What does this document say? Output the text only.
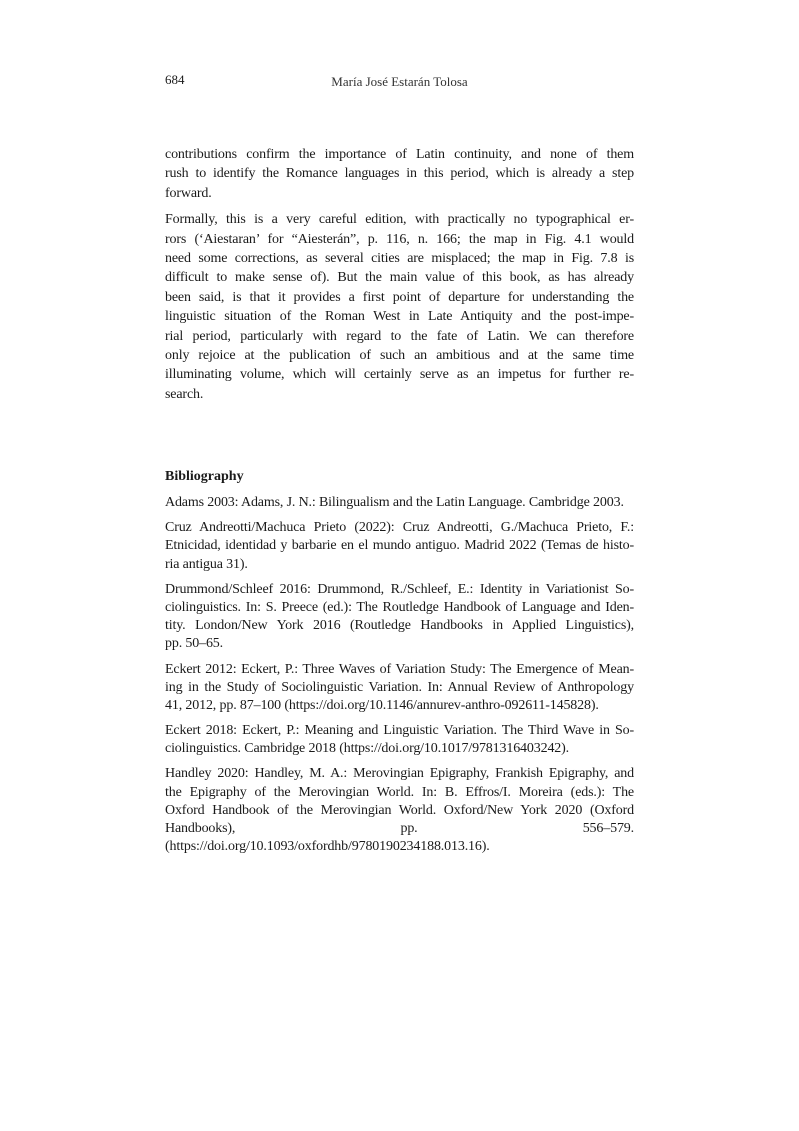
684	María José Estarán Tolosa
contributions confirm the importance of Latin continuity, and none of them
rush to identify the Romance languages in this period, which is already a step
forward.
Formally, this is a very careful edition, with practically no typographical er-
rors (‘Aiestaran’ for “Aiesterán”, p. 116, n. 166; the map in Fig. 4.1 would
need some corrections, as several cities are misplaced; the map in Fig. 7.8 is
difficult to make sense of). But the main value of this book, as has already
been said, is that it provides a first point of departure for understanding the
linguistic situation of the Roman West in Late Antiquity and the post-impe-
rial period, particularly with regard to the fate of Latin. We can therefore
only rejoice at the publication of such an ambitious and at the same time
illuminating volume, which will certainly serve as an impetus for further re-
search.
Bibliography
Adams 2003: Adams, J. N.: Bilingualism and the Latin Language. Cambridge 2003.
Cruz Andreotti/Machuca Prieto (2022): Cruz Andreotti, G./Machuca Prieto, F.:
Etnicidad, identidad y barbarie en el mundo antiguo. Madrid 2022 (Temas de histo-
ria antigua 31).
Drummond/Schleef 2016: Drummond, R./Schleef, E.: Identity in Variationist So-
ciolinguistics. In: S. Preece (ed.): The Routledge Handbook of Language and Iden-
tity. London/New York 2016 (Routledge Handbooks in Applied Linguistics),
pp. 50–65.
Eckert 2012: Eckert, P.: Three Waves of Variation Study: The Emergence of Mean-
ing in the Study of Sociolinguistic Variation. In: Annual Review of Anthropology
41, 2012, pp. 87–100 (https://doi.org/10.1146/annurev-anthro-092611-145828).
Eckert 2018: Eckert, P.: Meaning and Linguistic Variation. The Third Wave in So-
ciolinguistics. Cambridge 2018 (https://doi.org/10.1017/9781316403242).
Handley 2020: Handley, M. A.: Merovingian Epigraphy, Frankish Epigraphy, and
the Epigraphy of the Merovingian World. In: B. Effros/I. Moreira (eds.): The
Oxford Handbook of the Merovingian World. Oxford/New York 2020 (Oxford
Handbooks), pp. 556–579.
(https://doi.org/10.1093/oxfordhb/9780190234188.013.16).
